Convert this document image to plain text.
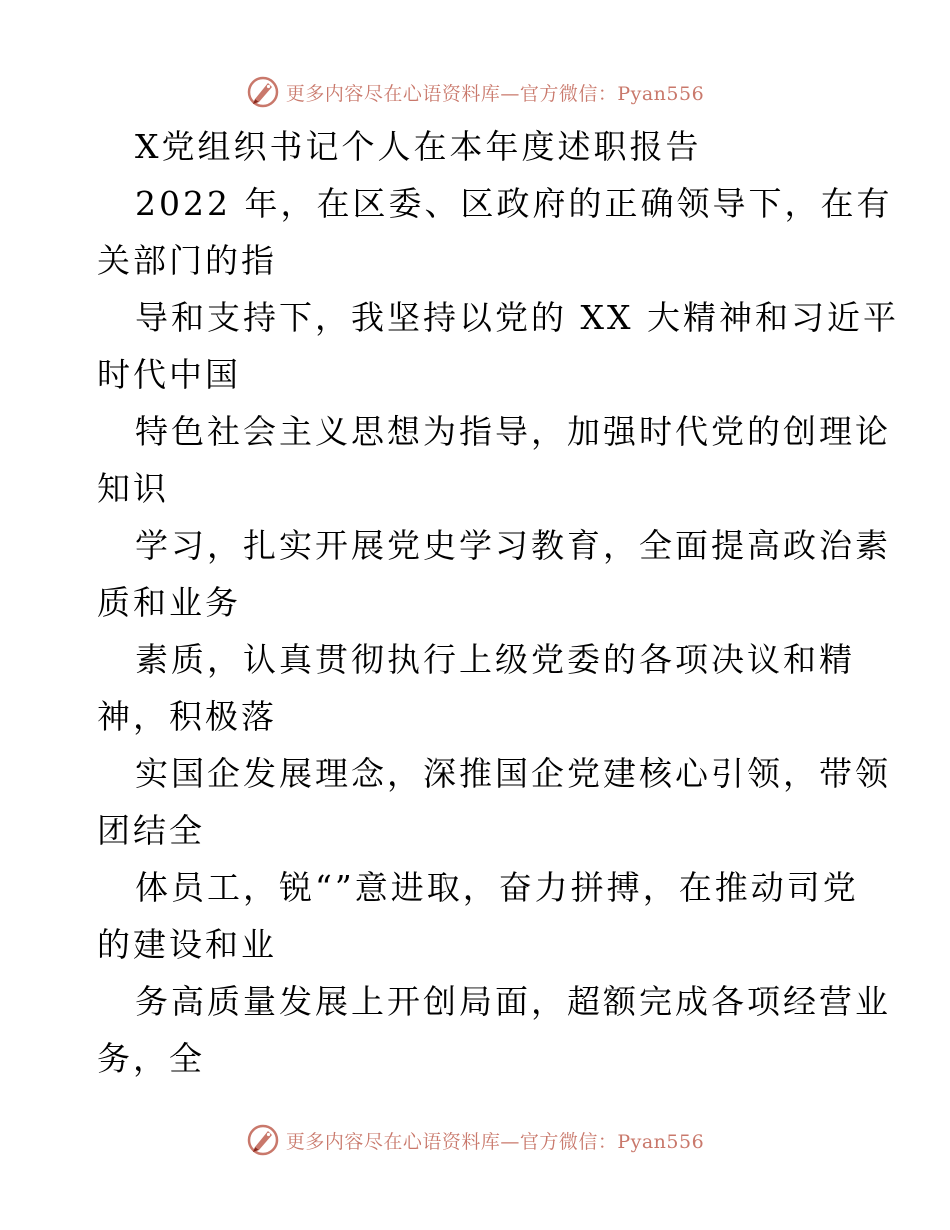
更多内容尽在心语资料库—官方微信：Pyan556
X党组织书记个人在本年度述职报告
2022 年，在区委、区政府的正确领导下，在有
关部门的指
导和支持下，我坚持以党的 XX 大精神和习近平
时代中国
特色社会主义思想为指导，加强时代党的创理论
知识
学习，扎实开展党史学习教育，全面提高政治素
质和业务
素质，认真贯彻执行上级党委的各项决议和精
神，积极落
实国企发展理念，深推国企党建核心引领，带领
团结全
体员工，锐“”意进取，奋力拼搏，在推动司党
的建设和业
务高质量发展上开创局面，超额完成各项经营业
务，全
更多内容尽在心语资料库—官方微信：Pyan556
